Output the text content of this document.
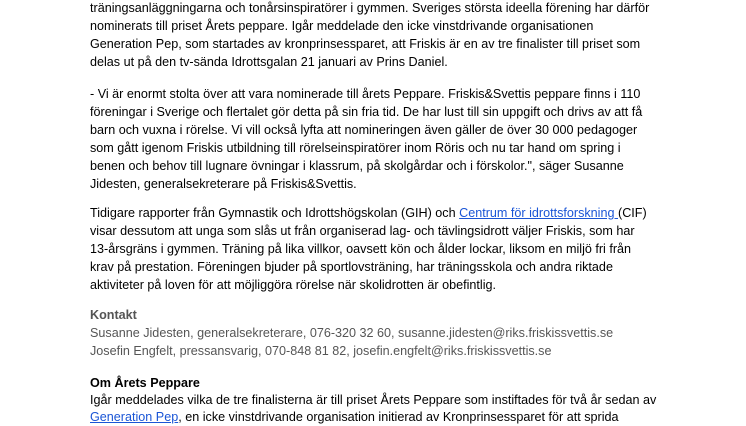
träningsanläggningarna och tonårsinspiratörer i gymmen. Sveriges största ideella förening har därför
nominerats till priset Årets peppare. Igår meddelade den icke vinstdrivande organisationen
Generation Pep, som startades av kronprinsessparet, att Friskis är en av tre finalister till priset som
delas ut på den tv-sända Idrottsgalan 21 januari av Prins Daniel.
- Vi är enormt stolta över att vara nominerade till årets Peppare. Friskis&Svettis peppare finns i 110
föreningar i Sverige och flertalet gör detta på sin fria tid. De har lust till sin uppgift och drivs av att få
barn och vuxna i rörelse. Vi vill också lyfta att nomineringen även gäller de över 30 000 pedagoger
som gått igenom Friskis utbildning till rörelseinspiratörer inom Röris och nu tar hand om spring i
benen och behov till lugnare övningar i klassrum, på skolgårdar och i förskolor.", säger Susanne
Jidesten, generalsekreterare på Friskis&Svettis.
Tidigare rapporter från Gymnastik och Idrottshögskolan (GIH) och Centrum för idrottsforskning (CIF)
visar dessutom att unga som slås ut från organiserad lag- och tävlingsidrott väljer Friskis, som har
13-årsgräns i gymmen. Träning på lika villkor, oavsett kön och ålder lockar, liksom en miljö fri från
krav på prestation. Föreningen bjuder på sportlovsträning, har träningsskola och andra riktade
aktiviteter på loven för att möjliggöra rörelse när skolidrotten är obefintlig.
Kontakt
Susanne Jidesten, generalsekreterare, 076-320 32 60, susanne.jidesten@riks.friskissvettis.se
Josefin Engfelt, pressansvarig, 070-848 81 82, josefin.engfelt@riks.friskissvettis.se
Om Årets Peppare
Igår meddelades vilka de tre finalisterna är till priset Årets Peppare som instiftades för två år sedan av
Generation Pep, en icke vinstdrivande organisation initierad av Kronprinsessparet för att sprida
